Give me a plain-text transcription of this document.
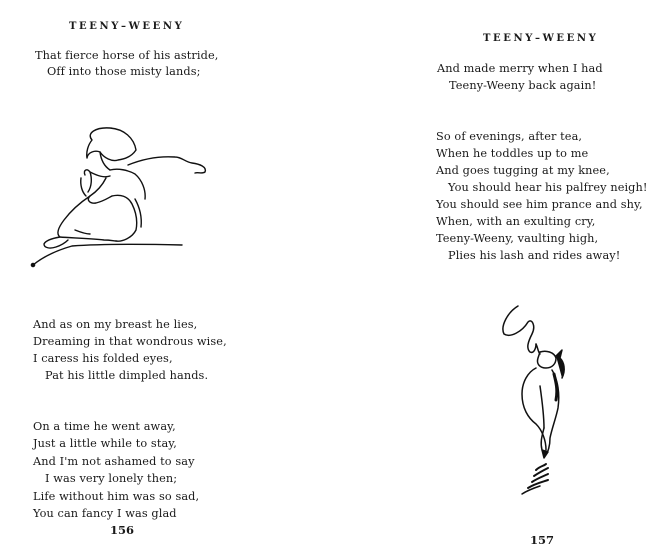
TEENY–WEENY
That fierce horse of his astride,
Off into those misty lands;
And as on my breast he lies,
Dreaming in that wondrous wise,
I caress his folded eyes,
Pat his little dimpled hands.
On a time he went away,
Just a little while to stay,
And I'm not ashamed to say
I was very lonely then;
Life without him was so sad,
You can fancy I was glad
156
TEENY–WEENY
And made merry when I had
Teeny-Weeny back again!
So of evenings, after tea,
When he toddles up to me
And goes tugging at my knee,
You should hear his palfrey neigh!
You should see him prance and shy,
When, with an exulting cry,
Teeny-Weeny, vaulting high,
Plies his lash and rides away!
157
